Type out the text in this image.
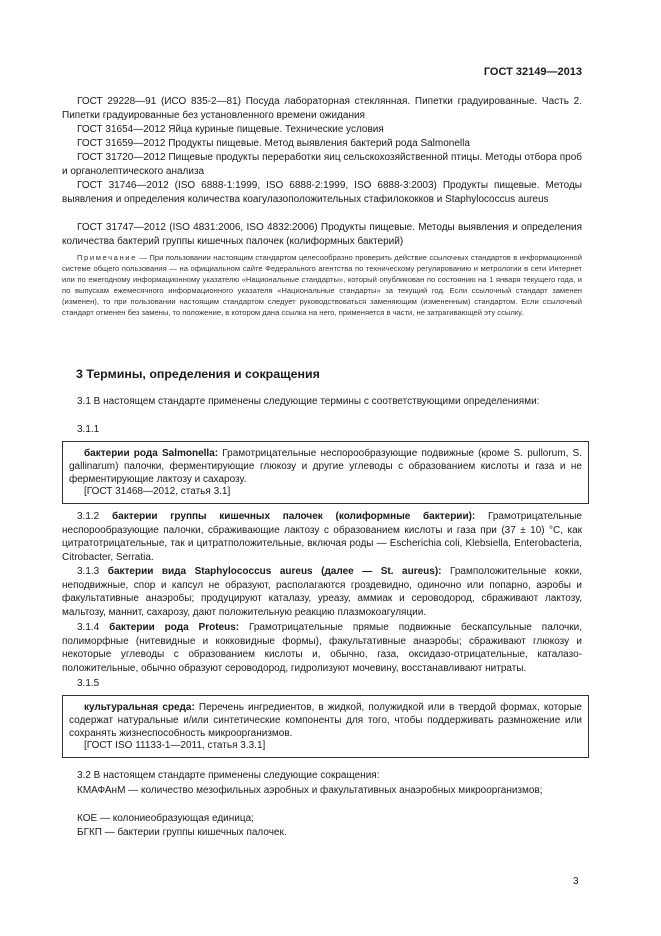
ГОСТ 32149—2013

ГОСТ 29228—91 (ИСО 835-2—81) Посуда лабораторная стеклянная. Пипетки градуированные. Часть 2. Пипетки градуированные без установленного времени ожидания

ГОСТ 31654—2012 Яйца куриные пищевые. Технические условия

ГОСТ 31659—2012 Продукты пищевые. Метод выявления бактерий рода Salmonella

ГОСТ 31720—2012 Пищевые продукты переработки яиц сельскохозяйственной птицы. Методы отбора проб и органолептического анализа

ГОСТ 31746—2012 (ISO 6888-1:1999, ISO 6888-2:1999, ISO 6888-3:2003) Продукты пищевые. Методы выявления и определения количества коагулазоположительных стафилококков и Staphylococcus aureus

ГОСТ 31747—2012 (ISO 4831:2006, ISO 4832:2006) Продукты пищевые. Методы выявления и определения количества бактерий группы кишечных палочек (колиформных бактерий)

Примечание — При пользовании настоящим стандартом целесообразно проверить действие ссылочных стандартов в информационной системе общего пользования — на официальном сайте Федерального агентства по техническому регулированию и метрологии в сети Интернет или по ежегодному информационному указателю «Национальные стандарты», который опубликован по состоянию на 1 января текущего года, и по выпускам ежемесячного информационного указателя «Национальные стандарты» за текущий год. Если ссылочный стандарт заменен (изменен), то при пользовании настоящим стандартом следует руководствоваться заменяющим (измененным) стандартом. Если ссылочный стандарт отменен без замены, то положение, в котором дана ссылка на него, применяется в части, не затрагивающей эту ссылку.

3 Термины, определения и сокращения

3.1 В настоящем стандарте применены следующие термины с соответствующими определениями:

3.1.1

бактерии рода Salmonella: Грамотрицательные неспорообразующие подвижные (кроме S. pullorum, S. gallinarum) палочки, ферментирующие глюкозу и другие углеводы с образованием кислоты и газа и не ферментирующие лактозу и сахарозу.

[ГОСТ 31468—2012, статья 3.1]

3.1.2 бактерии группы кишечных палочек (колиформные бактерии): Грамотрицательные неспорообразующие палочки, сбраживающие лактозу с образованием кислоты и газа при (37 ± 10) °С, как цитратотрицательные, так и цитратположительные, включая роды — Escherichia coli, Klebsiella, Enterobacteria, Citrobacter, Serratia.

3.1.3 бактерии вида Staphylococcus aureus (далее — St. aureus): Грамположительные кокки, неподвижные, спор и капсул не образуют, располагаются гроздевидно, одиночно или попарно, аэробы и факультативные анаэробы; продуцируют каталазу, уреазу, аммиак и сероводород, сбраживают лактозу, мальтозу, маннит, сахарозу, дают положительную реакцию плазмокоагуляции.

3.1.4 бактерии рода Proteus: Грамотрицательные прямые подвижные бескапсульные палочки, полиморфные (нитевидные и кокковидные формы), факультативные анаэробы; сбраживают глюкозу и некоторые углеводы с образованием кислоты и, обычно, газа, оксидазо-отрицательные, каталазо-положительные, обычно образуют сероводород, гидролизуют мочевину, восстанавливают нитраты.

3.1.5

культуральная среда: Перечень ингредиентов, в жидкой, полужидкой или в твердой формах, которые содержат натуральные и/или синтетические компоненты для того, чтобы поддерживать размножение или сохранять жизнеспособность микроорганизмов.

[ГОСТ ISO 11133-1—2011, статья 3.3.1]

3.2 В настоящем стандарте применены следующие сокращения:

КМАФАнМ — количество мезофильных аэробных и факультативных анаэробных микроорганизмов;

КОЕ — колониеобразующая единица;

БГКП — бактерии группы кишечных палочек.

3
